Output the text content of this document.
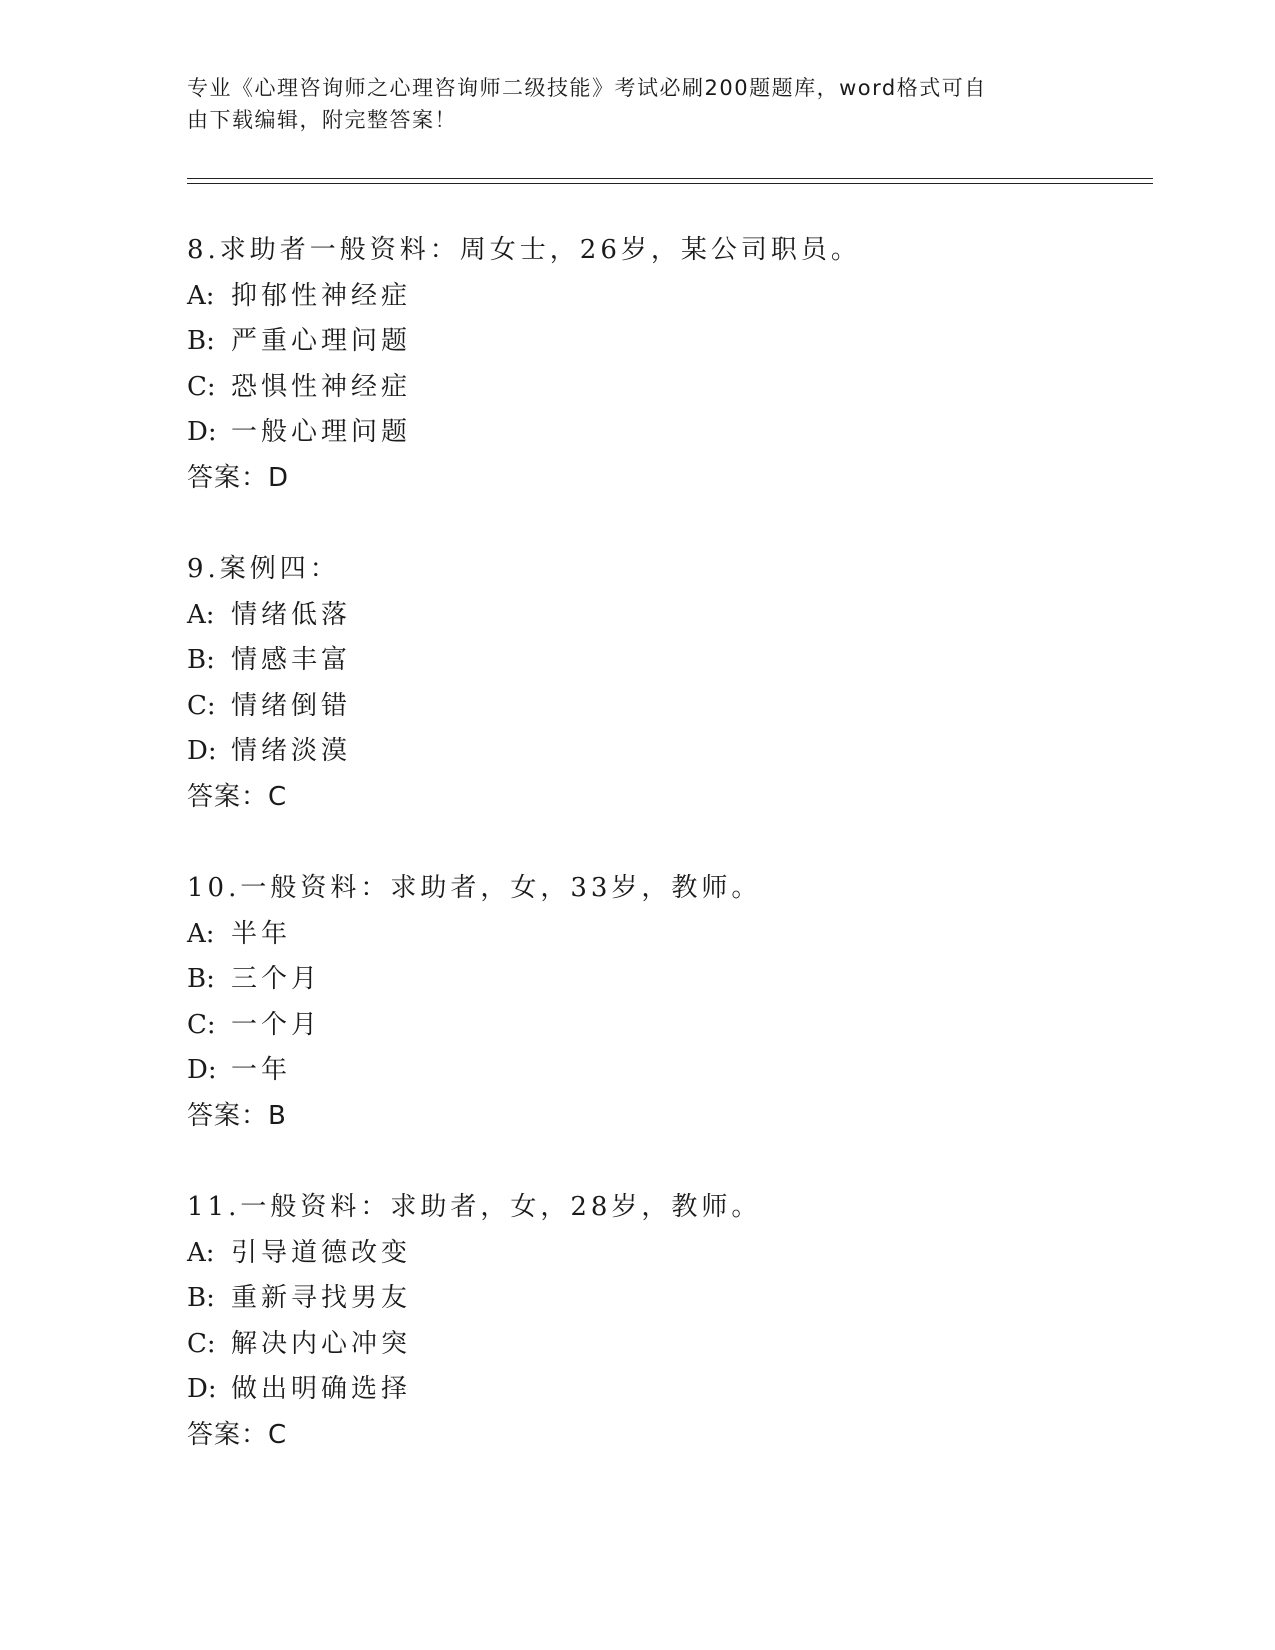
专业《心理咨询师之心理咨询师二级技能》考试必刷200题题库，word格式可自
由下载编辑，附完整答案！
8.求助者一般资料：周女士，26岁，某公司职员。
A: 抑郁性神经症
B: 严重心理问题
C: 恐惧性神经症
D: 一般心理问题
答案：D
9.案例四：
A: 情绪低落
B: 情感丰富
C: 情绪倒错
D: 情绪淡漠
答案：C
10.一般资料：求助者，女，33岁，教师。
A: 半年
B: 三个月
C: 一个月
D: 一年
答案：B
11.一般资料：求助者，女，28岁，教师。
A: 引导道德改变
B: 重新寻找男友
C: 解决内心冲突
D: 做出明确选择
答案：C
